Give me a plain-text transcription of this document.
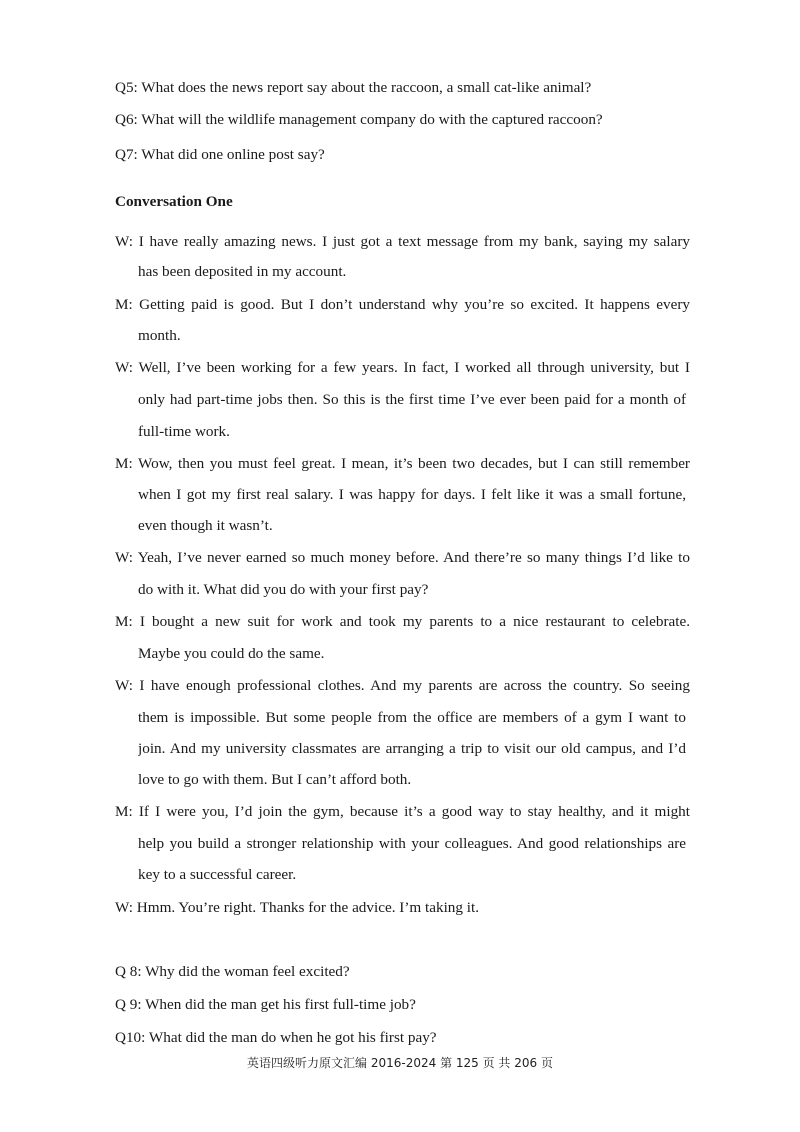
Q5: What does the news report say about the raccoon, a small cat-like animal?
Q6: What will the wildlife management company do with the captured raccoon?
Q7: What did one online post say?
Conversation One
W: I have really amazing news. I just got a text message from my bank, saying my salary
has been deposited in my account.
M: Getting paid is good. But I don’t understand why you’re so excited. It happens every
month.
W: Well, I’ve been working for a few years. In fact, I worked all through university, but I
only had part-time jobs then. So this is the first time I’ve ever been paid for a month of
full-time work.
M: Wow, then you must feel great. I mean, it’s been two decades, but I can still remember
when I got my first real salary. I was happy for days. I felt like it was a small fortune,
even though it wasn’t.
W: Yeah, I’ve never earned so much money before. And there’re so many things I’d like to
do with it. What did you do with your first pay?
M: I bought a new suit for work and took my parents to a nice restaurant to celebrate.
Maybe you could do the same.
W: I have enough professional clothes. And my parents are across the country. So seeing
them is impossible. But some people from the office are members of a gym I want to
join. And my university classmates are arranging a trip to visit our old campus, and I’d
love to go with them. But I can’t afford both.
M: If I were you, I’d join the gym, because it’s a good way to stay healthy, and it might
help you build a stronger relationship with your colleagues. And good relationships are
key to a successful career.
W: Hmm. You’re right. Thanks for the advice. I’m taking it.
Q 8: Why did the woman feel excited?
Q 9: When did the man get his first full-time job?
Q10: What did the man do when he got his first pay?
英语四级听力原文汇编 2016-2024 第 125 页 共 206 页
